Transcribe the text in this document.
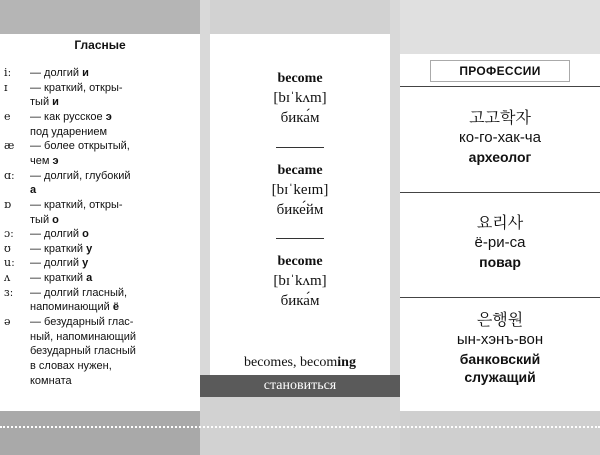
Гласные
iː	— долгий и
ɪ	— краткий, откры-
тый и
e	— как русское э
под ударением
æ	— более открытый,
чем э
ɑː	— долгий, глубокий
а
ɒ	— краткий, откры-
тый о
ɔː	— долгий о
ʊ	— краткий у
uː	— долгий у
ʌ	— краткий а
ɜː	— долгий гласный,
напоминающий ё
ə	— безударный глас-
ный, напоминающий
безударный гласный
в словах нужен,
комната
become
[bɪˈkʌm]
бика́м
became
[bɪˈkeɪm]
бике́йм
become
[bɪˈkʌm]
бика́м
becomes, becoming
становиться
ПРОФЕССИИ
고고학자
ко-го-хак-ча
археолог
요리사
ё-ри-са
повар
은행원
ын-хэнъ-вон
банковский
служащий
